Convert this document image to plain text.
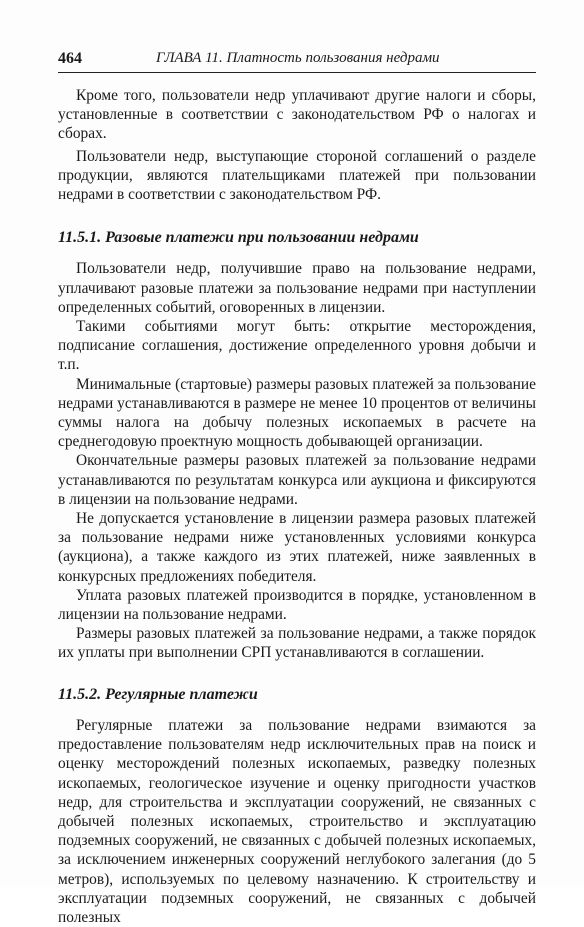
464	ГЛАВА 11. Платность пользования недрами

Кроме того, пользователи недр уплачивают другие налоги и сборы, установленные в соответствии с законодательством РФ о налогах и сборах.

Пользователи недр, выступающие стороной соглашений о разделе продукции, являются плательщиками платежей при пользовании недрами в соответствии с законодательством РФ.

11.5.1. Разовые платежи при пользовании недрами

Пользователи недр, получившие право на пользование недрами, уплачивают разовые платежи за пользование недрами при наступлении определенных событий, оговоренных в лицензии.

Такими событиями могут быть: открытие месторождения, подписание соглашения, достижение определенного уровня добычи и т.п.

Минимальные (стартовые) размеры разовых платежей за пользование недрами устанавливаются в размере не менее 10 процентов от величины суммы налога на добычу полезных ископаемых в расчете на среднегодовую проектную мощность добывающей организации.

Окончательные размеры разовых платежей за пользование недрами устанавливаются по результатам конкурса или аукциона и фиксируются в лицензии на пользование недрами.

Не допускается установление в лицензии размера разовых платежей за пользование недрами ниже установленных условиями конкурса (аукциона), а также каждого из этих платежей, ниже заявленных в конкурсных предложениях победителя.

Уплата разовых платежей производится в порядке, установленном в лицензии на пользование недрами.

Размеры разовых платежей за пользование недрами, а также порядок их уплаты при выполнении СРП устанавливаются в соглашении.

11.5.2. Регулярные платежи

Регулярные платежи за пользование недрами взимаются за предоставление пользователям недр исключительных прав на поиск и оценку месторождений полезных ископаемых, разведку полезных ископаемых, геологическое изучение и оценку пригодности участков недр, для строительства и эксплуатации сооружений, не связанных с добычей полезных ископаемых, строительство и эксплуатацию подземных сооружений, не связанных с добычей полезных ископаемых, за исключением инженерных сооружений неглубокого залегания (до 5 метров), используемых по целевому назначению. К строительству и эксплуатации подземных сооружений, не связанных с добычей полезных
